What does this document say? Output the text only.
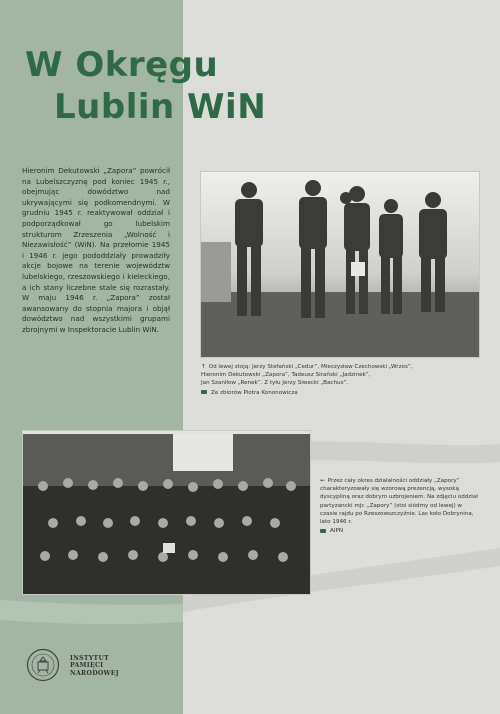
W Okręgu
Lublin WiN

Hieronim Dekutowski „Zapora” powrócił na Lubelszczyznę pod koniec 1945 r., obejmując dowództwo nad ukrywającymi się podkomendnymi. W grudniu 1945 r. reaktywował oddział i podporządkował go lubelskim strukturom Zrzeszenia „Wolność i Niezawisłość” (WiN). Na przełomie 1945 i 1946 r. jego pododdziały prowadziły akcje bojowe na terenie województw lubelskiego, rzeszowskiego i kieleckiego, a ich stany liczebne stale się rozrastały. W maju 1946 r. „Zapora” został awansowany do stopnia majora i objął dowództwo nad wszystkimi grupami zbrojnymi w Inspektoracie Lublin WiN.

↑ Od lewej stoją: Jerzy Stefański „Cedur”, Mieczysław Czechowski „Wrzos”,
Hieronim Dekutowski „Zapora”, Tadeusz Sirański „Jadzinek”,
Jan Szaniłow „Renek”. Z tyłu Jerzy Siwecki „Bachus”.
Ze zbiorów Piotra Kononowicza
← Przez cały okres działalności oddziały „Zapory” charakteryzowały się wzorową prezencją, wysoką dyscypliną oraz dobrym uzbrojeniem. Na zdjęciu oddział partyzancki mjr. „Zapory” (stoi siódmy od lewej) w czasie rajdu po Rzeszowszczyźnie. Las koło Dobrynina, lato 1946 r.
AIPN
INSTYTUT
PAMIĘCI
NARODOWEJ
